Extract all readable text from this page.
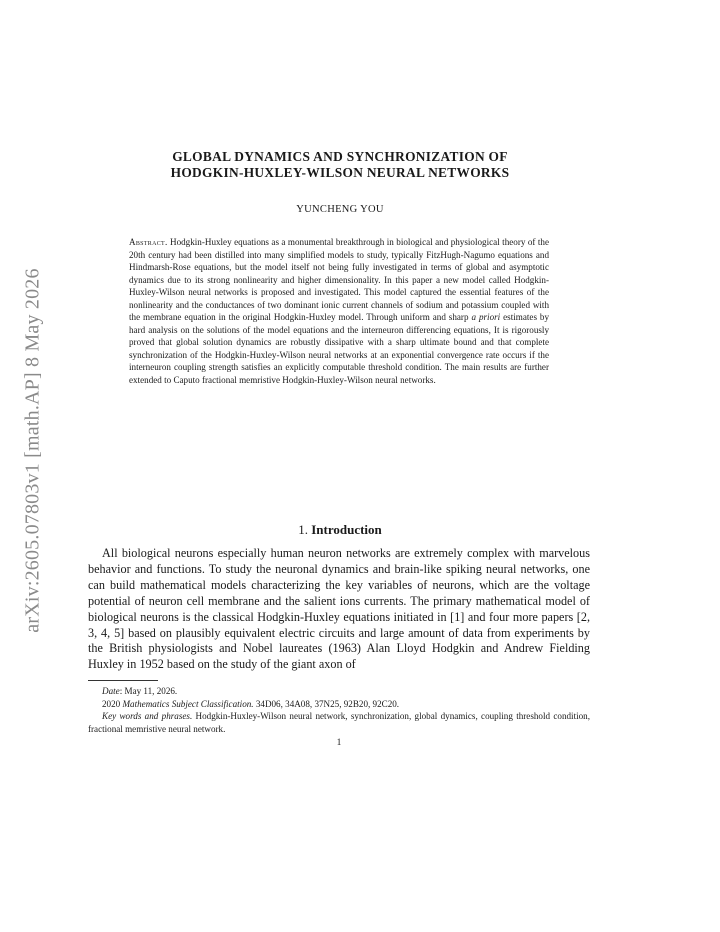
arXiv:2605.07803v1 [math.AP] 8 May 2026
GLOBAL DYNAMICS AND SYNCHRONIZATION OF
HODGKIN-HUXLEY-WILSON NEURAL NETWORKS
YUNCHENG YOU
Abstract. Hodgkin-Huxley equations as a monumental breakthrough in biological and physiological theory of the 20th century had been distilled into many simplified models to study, typically FitzHugh-Nagumo equations and Hindmarsh-Rose equations, but the model itself not being fully investigated in terms of global and asymptotic dynamics due to its strong nonlinearity and higher dimensionality. In this paper a new model called Hodgkin-Huxley-Wilson neural networks is proposed and investigated. This model captured the essential features of the nonlinearity and the conductances of two dominant ionic current channels of sodium and potassium coupled with the membrane equation in the original Hodgkin-Huxley model. Through uniform and sharp a priori estimates by hard analysis on the solutions of the model equations and the interneuron differencing equations, It is rigorously proved that global solution dynamics are robustly dissipative with a sharp ultimate bound and that complete synchronization of the Hodgkin-Huxley-Wilson neural networks at an exponential convergence rate occurs if the interneuron coupling strength satisfies an explicitly computable threshold condition. The main results are further extended to Caputo fractional memristive Hodgkin-Huxley-Wilson neural networks.
1. Introduction
All biological neurons especially human neuron networks are extremely complex with marvelous behavior and functions. To study the neuronal dynamics and brain-like spiking neural networks, one can build mathematical models characterizing the key variables of neurons, which are the voltage potential of neuron cell membrane and the salient ions currents. The primary mathematical model of biological neurons is the classical Hodgkin-Huxley equations initiated in [1] and four more papers [2, 3, 4, 5] based on plausibly equivalent electric circuits and large amount of data from experiments by the British physiologists and Nobel laureates (1963) Alan Lloyd Hodgkin and Andrew Fielding Huxley in 1952 based on the study of the giant axon of
Date: May 11, 2026.
2020 Mathematics Subject Classification. 34D06, 34A08, 37N25, 92B20, 92C20.
Key words and phrases. Hodgkin-Huxley-Wilson neural network, synchronization, global dynamics, coupling threshold condition, fractional memristive neural network.
1
